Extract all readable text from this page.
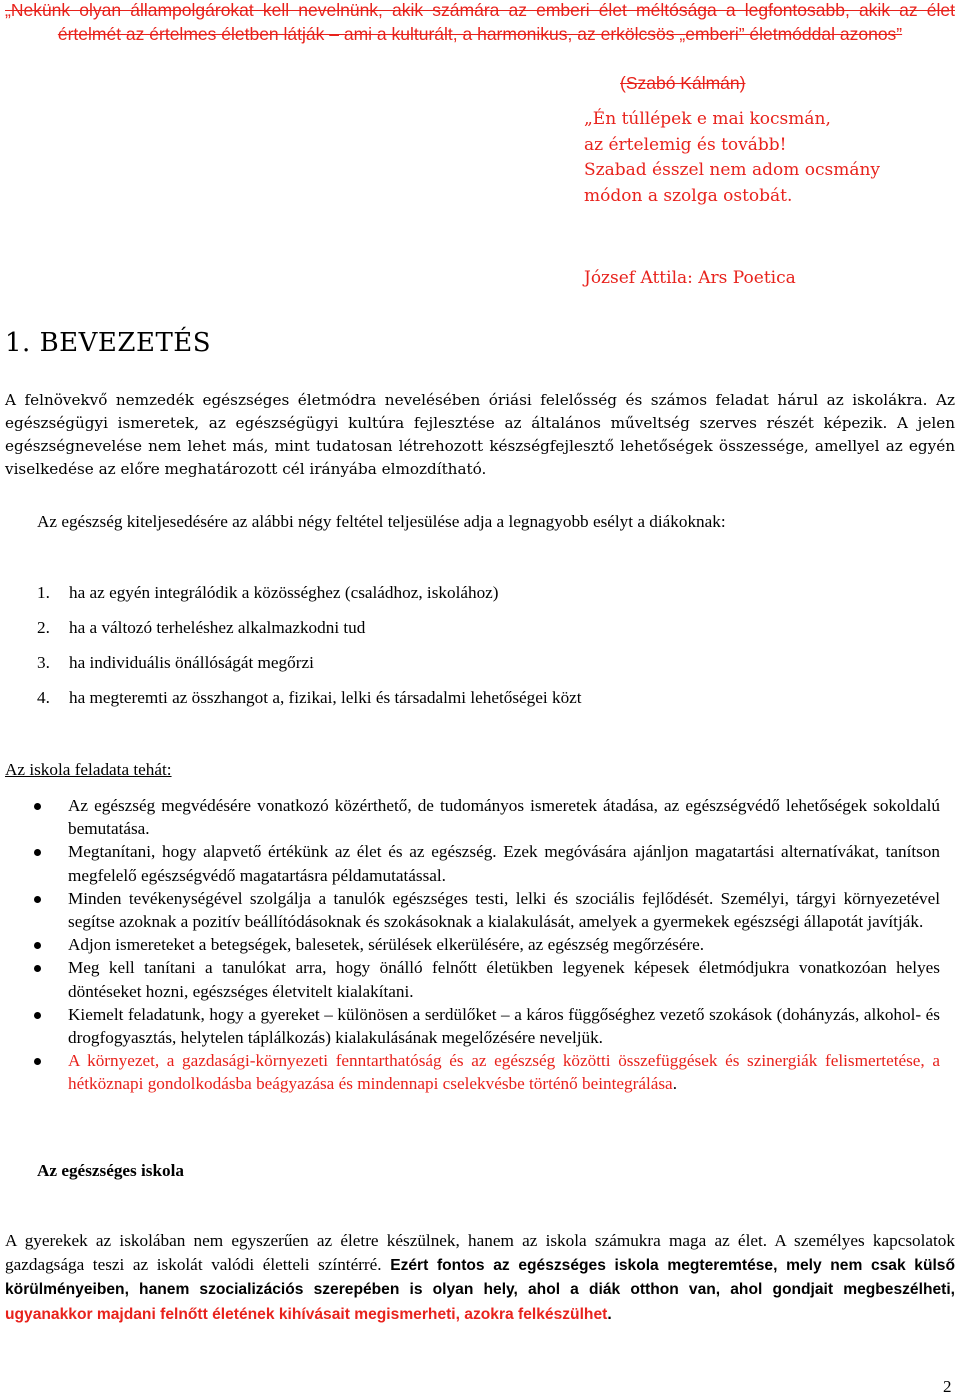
„Nekünk olyan állampolgárokat kell nevelnünk, akik számára az emberi élet méltósága a legfontosabb, akik az élet értelmét az értelmes életben látják – ami a kulturált, a harmonikus, az erkölcsös „emberi” életmóddal azonos”
(Szabó Kálmán)
„Én túllépek e mai kocsmán,
az értelemig és tovább!
Szabad ésszel nem adom ocsmány
módon a szolga ostobát.
József Attila: Ars Poetica
1. BEVEZETÉS

A felnövekvő nemzedék egészséges életmódra nevelésében óriási felelősség és számos feladat hárul az iskolákra. Az egészségügyi ismeretek, az egészségügyi kultúra fejlesztése az általános műveltség szerves részét képezik. A jelen egészségnevelése nem lehet más, mint tudatosan létrehozott készségfejlesztő lehetőségek összessége, amellyel az egyén viselkedése az előre meghatározott cél irányába elmozdítható.

Az egészség kiteljesedésére az alábbi négy feltétel teljesülése adja a legnagyobb esélyt a diákoknak:
1. ha az egyén integrálódik a közösséghez (családhoz, iskolához)
2. ha a változó terheléshez alkalmazkodni tud
3. ha individuális önállóságát megőrzi
4. ha megteremti az összhangot a, fizikai, lelki és társadalmi lehetőségei közt
Az iskola feladata tehát:
Az egészség megvédésére vonatkozó közérthető, de tudományos ismeretek átadása, az egészségvédő lehetőségek sokoldalú bemutatása.
Megtanítani, hogy alapvető értékünk az élet és az egészség. Ezek megóvására ajánljon magatartási alternatívákat, tanítson megfelelő egészségvédő magatartásra példamutatással.
Minden tevékenységével szolgálja a tanulók egészséges testi, lelki és szociális fejlődését. Személyi, tárgyi környezetével segítse azoknak a pozitív beállítódásoknak és szokásoknak a kialakulását, amelyek a gyermekek egészségi állapotát javítják.
Adjon ismereteket a betegségek, balesetek, sérülések elkerülésére, az egészség megőrzésére.
Meg kell tanítani a tanulókat arra, hogy önálló felnőtt életükben legyenek képesek életmódjukra vonatkozóan helyes döntéseket hozni, egészséges életvitelt kialakítani.
Kiemelt feladatunk, hogy a gyereket – különösen a serdülőket – a káros függőséghez vezető szokások (dohányzás, alkohol- és drogfogyasztás, helytelen táplálkozás) kialakulásának megelőzésére neveljük.
A környezet, a gazdasági-környezeti fenntarthatóság és az egészség közötti összefüggések és szinergiák felismertetése, a hétköznapi gondolkodásba beágyazása és mindennapi cselekvésbe történő beintegrálása.
Az egészséges iskola
A gyerekek az iskolában nem egyszerűen az életre készülnek, hanem az iskola számukra maga az élet. A személyes kapcsolatok gazdagsága teszi az iskolát valódi életteli színtérré. Ezért fontos az egészséges iskola megteremtése, mely nem csak külső körülményeiben, hanem szocializációs szerepében is olyan hely, ahol a diák otthon van, ahol gondjait megbeszélheti, ugyanakkor majdani felnőtt életének kihívásait megismerheti, azokra felkészülhet.
2
